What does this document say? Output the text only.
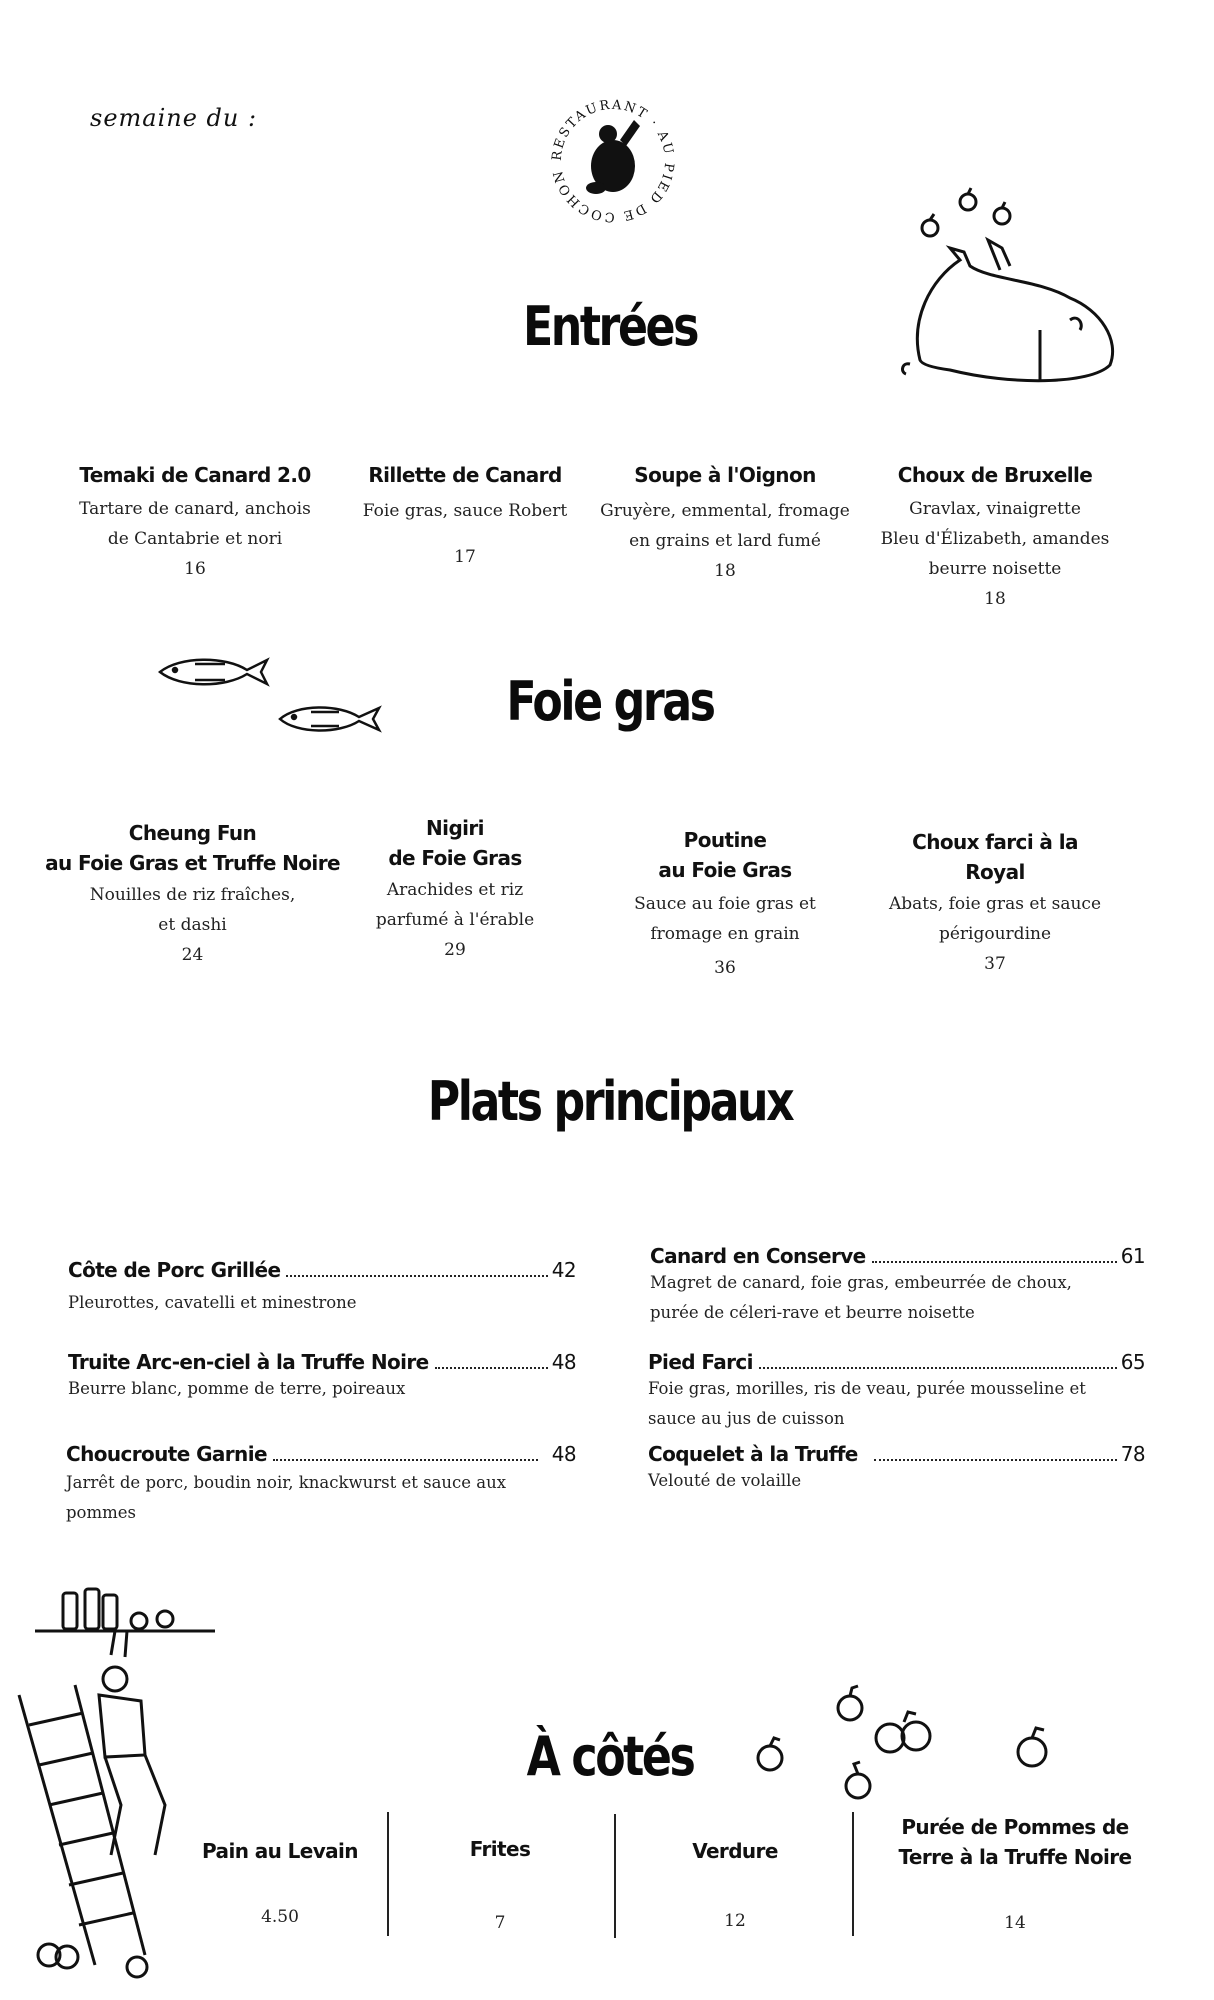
semaine du :
RESTAURANT · AU PIED DE COCHON ·
Entrées
Temaki de Canard 2.0
Tartare de canard, anchois
de Cantabrie et nori
16
Rillette de Canard
Foie gras, sauce Robert
17
Soupe à l'Oignon
Gruyère, emmental, fromage
en grains et lard fumé
18
Choux de Bruxelle
Gravlax, vinaigrette
Bleu d'Élizabeth, amandes
beurre noisette
18
Foie gras
Cheung Fun
au Foie Gras et Truffe Noire
Nouilles de riz fraîches,
et dashi
24
Nigiri
de Foie Gras
Arachides et riz
parfumé à l'érable
29
Poutine
au Foie Gras
Sauce au foie gras et
fromage en grain
36
Choux farci à la
Royal
Abats, foie gras et sauce
périgourdine
37
Plats principaux
Côte de Porc Grillée	42
Pleurottes, cavatelli et minestrone
Truite Arc-en-ciel à la Truffe Noire	48
Beurre blanc, pomme de terre, poireaux
Choucroute Garnie	48
Jarrêt de porc, boudin noir, knackwurst et sauce aux
pommes
Canard en Conserve	61
Magret de canard, foie gras, embeurrée de choux,
purée de céleri-rave et beurre noisette
Pied Farci	65
Foie gras, morilles, ris de veau, purée mousseline et
sauce au jus de cuisson
Coquelet à la Truffe	78
Velouté de volaille
À côtés
Pain au Levain
4.50
Frites
7
Verdure
12
Purée de Pommes de
Terre à la Truffe Noire
14
